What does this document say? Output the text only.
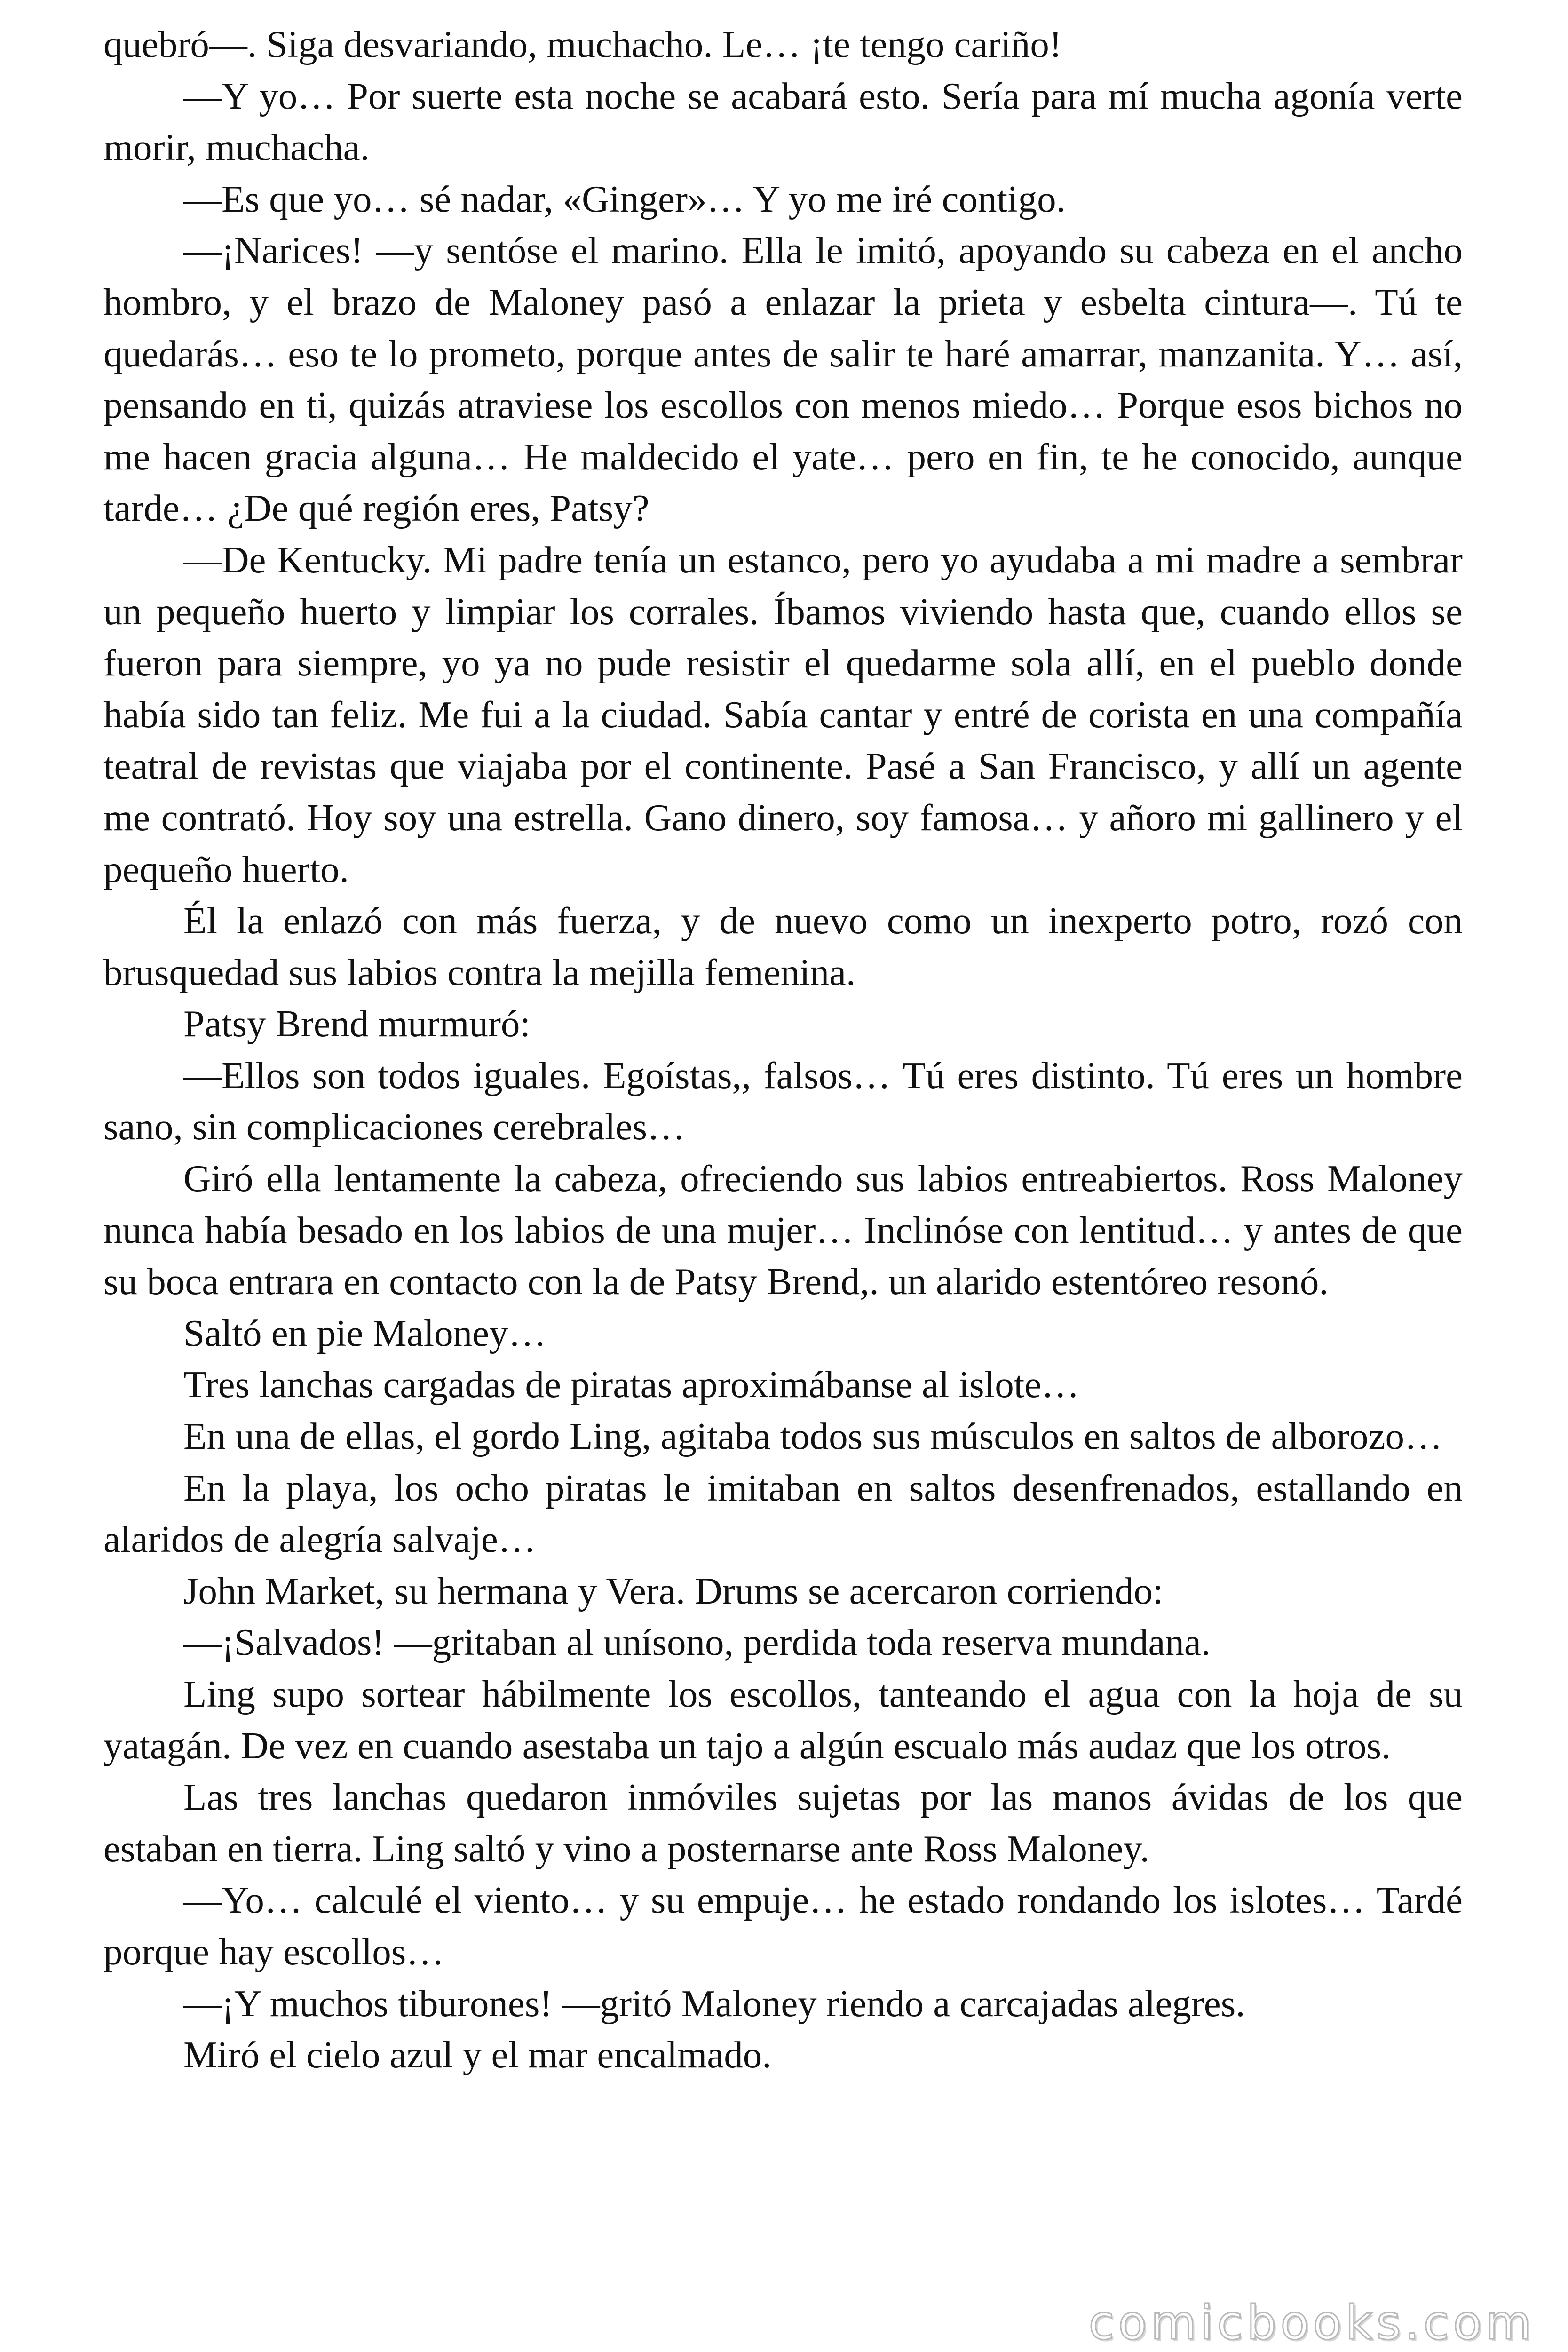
quebró—. Siga desvariando, muchacho. Le… ¡te tengo cariño!

—Y yo… Por suerte esta noche se acabará esto. Sería para mí mucha agonía verte morir, muchacha.

—Es que yo… sé nadar, «Ginger»… Y yo me iré contigo.

—¡Narices! —y sentóse el marino. Ella le imitó, apoyando su cabeza en el ancho hombro, y el brazo de Maloney pasó a enlazar la prieta y esbelta cintura—. Tú te quedarás… eso te lo prometo, porque antes de salir te haré amarrar, manzanita. Y… así, pensando en ti, quizás atraviese los escollos con menos miedo… Porque esos bichos no me hacen gracia alguna… He maldecido el yate… pero en fin, te he conocido, aunque tarde… ¿De qué región eres, Patsy?

—De Kentucky. Mi padre tenía un estanco, pero yo ayudaba a mi madre a sembrar un pequeño huerto y limpiar los corrales. Íbamos viviendo hasta que, cuando ellos se fueron para siempre, yo ya no pude resistir el quedarme sola allí, en el pueblo donde había sido tan feliz. Me fui a la ciudad. Sabía cantar y entré de corista en una compañía teatral de revistas que viajaba por el continente. Pasé a San Francisco, y allí un agente me contrató. Hoy soy una estrella. Gano dinero, soy famosa… y añoro mi gallinero y el pequeño huerto.

Él la enlazó con más fuerza, y de nuevo como un inexperto potro, rozó con brusquedad sus labios contra la mejilla femenina.

Patsy Brend murmuró:

—Ellos son todos iguales. Egoístas,, falsos… Tú eres distinto. Tú eres un hombre sano, sin complicaciones cerebrales…

Giró ella lentamente la cabeza, ofreciendo sus labios entreabiertos. Ross Maloney nunca había besado en los labios de una mujer… Inclinóse con lentitud… y antes de que su boca entrara en contacto con la de Patsy Brend,. un alarido estentóreo resonó.

Saltó en pie Maloney…

Tres lanchas cargadas de piratas aproximábanse al islote…

En una de ellas, el gordo Ling, agitaba todos sus músculos en saltos de alborozo…

En la playa, los ocho piratas le imitaban en saltos desenfrenados, estallando en alaridos de alegría salvaje…

John Market, su hermana y Vera. Drums se acercaron corriendo:

—¡Salvados! —gritaban al unísono, perdida toda reserva mundana.

Ling supo sortear hábilmente los escollos, tanteando el agua con la hoja de su yatagán. De vez en cuando asestaba un tajo a algún escualo más audaz que los otros.

Las tres lanchas quedaron inmóviles sujetas por las manos ávidas de los que estaban en tierra. Ling saltó y vino a posternarse ante Ross Maloney.

—Yo… calculé el viento… y su empuje… he estado rondando los islotes… Tardé porque hay escollos…

—¡Y muchos tiburones! —gritó Maloney riendo a carcajadas alegres.

Miró el cielo azul y el mar encalmado.

comicbooks.com
